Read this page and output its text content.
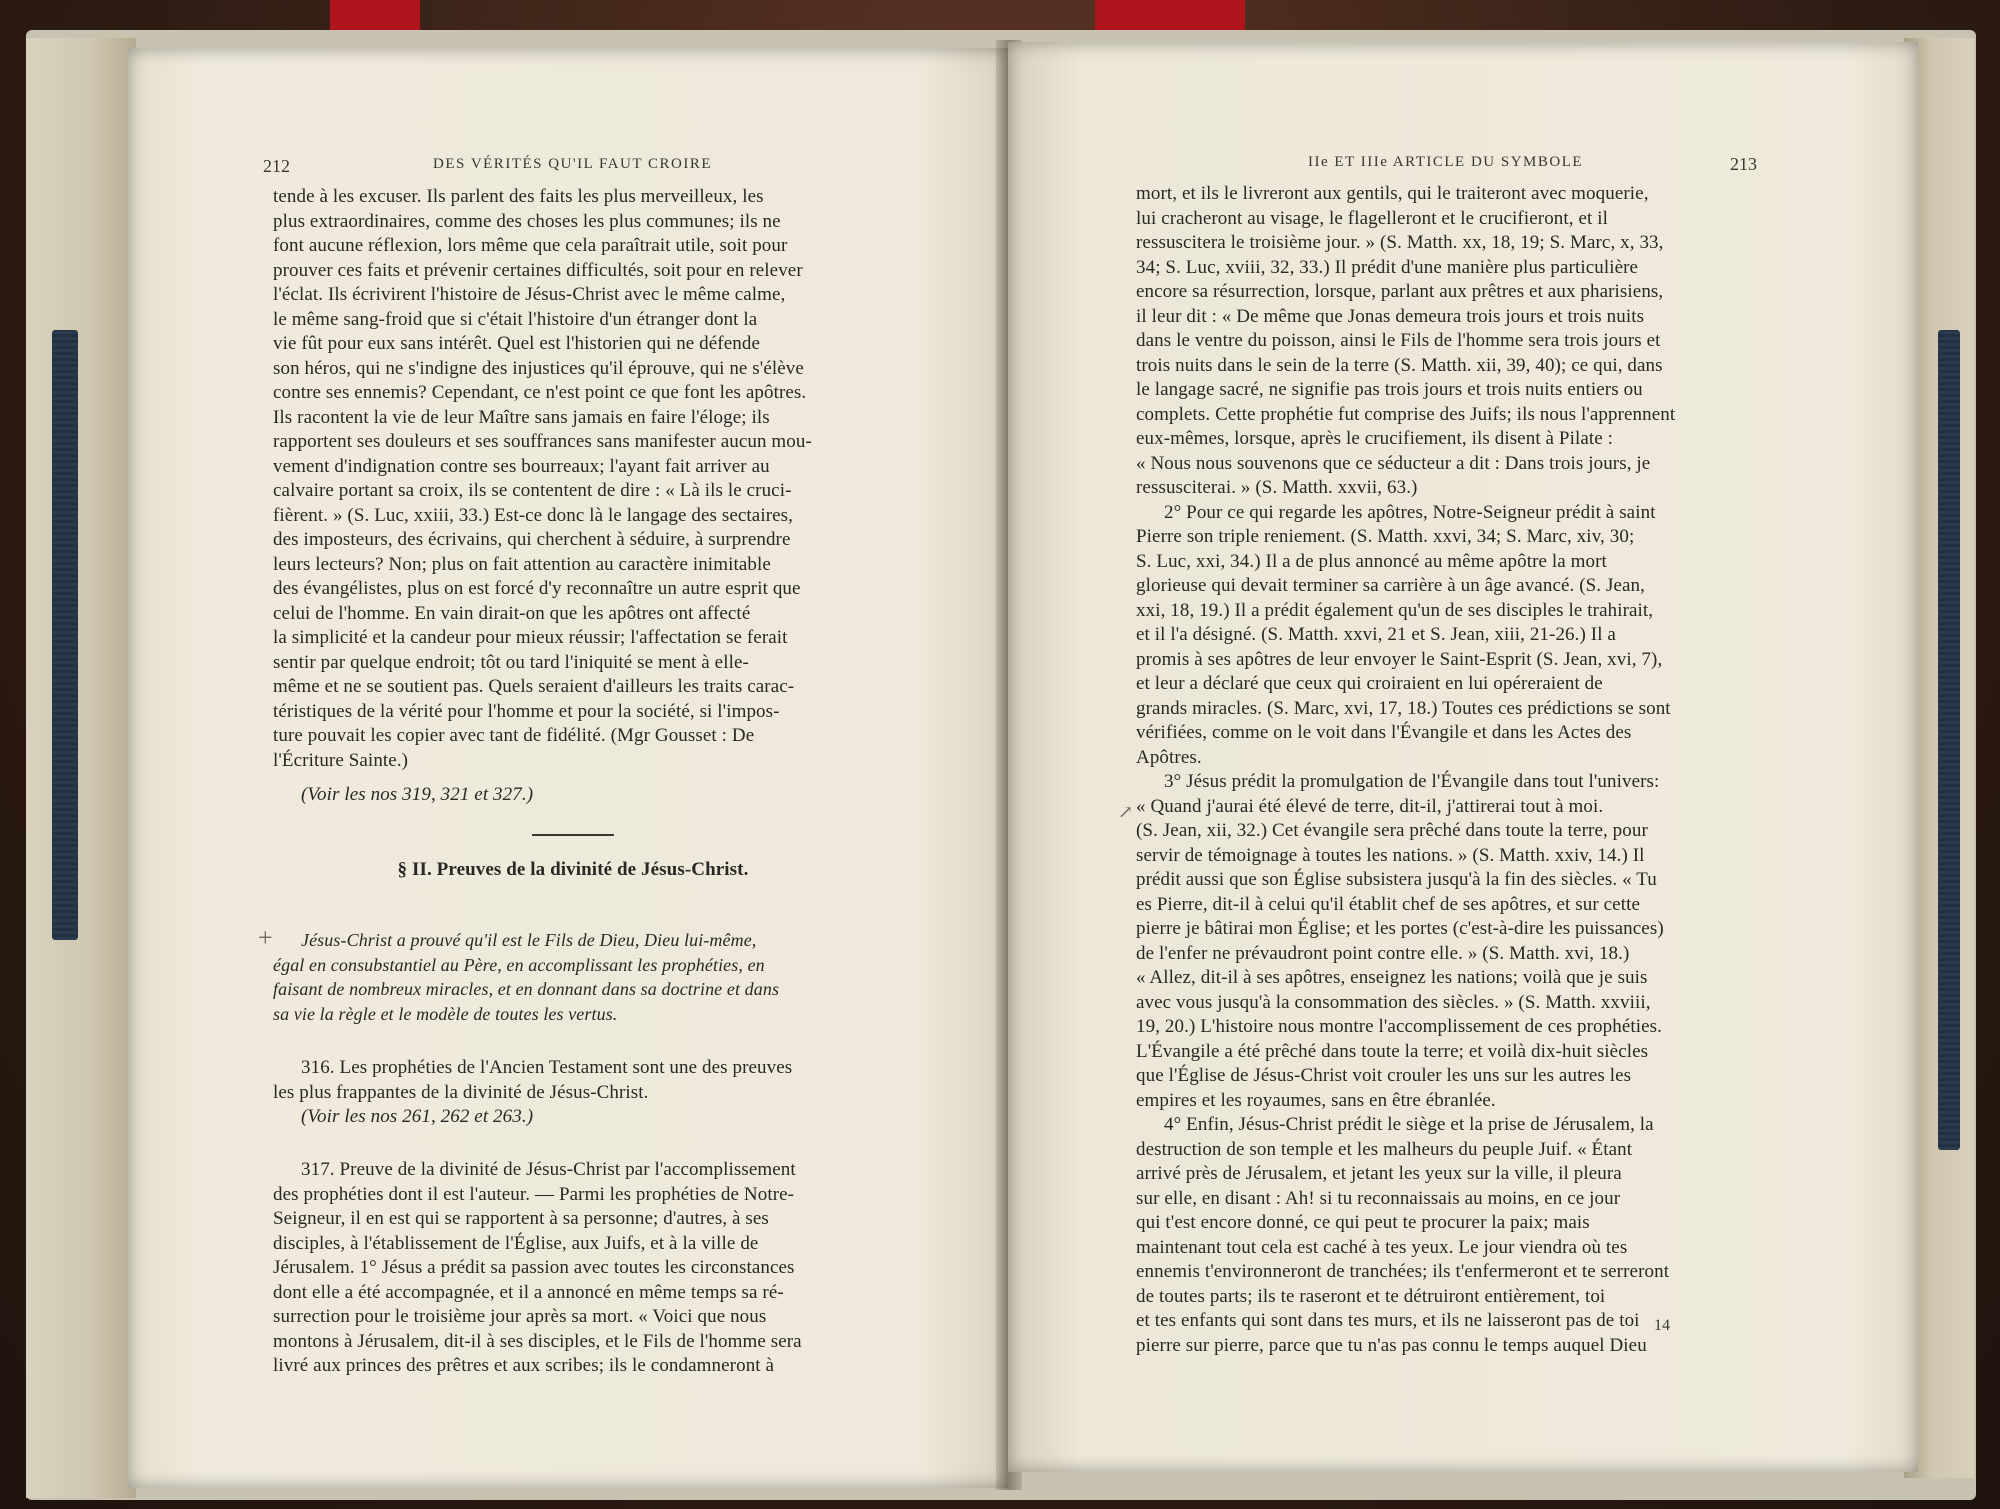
212	DES VÉRITÉS QU'IL FAUT CROIRE
tende à les excuser. Ils parlent des faits les plus merveilleux, les
plus extraordinaires, comme des choses les plus communes; ils ne
font aucune réflexion, lors même que cela paraîtrait utile, soit pour
prouver ces faits et prévenir certaines difficultés, soit pour en relever
l'éclat. Ils écrivirent l'histoire de Jésus-Christ avec le même calme,
le même sang-froid que si c'était l'histoire d'un étranger dont la
vie fût pour eux sans intérêt. Quel est l'historien qui ne défende
son héros, qui ne s'indigne des injustices qu'il éprouve, qui ne s'élève
contre ses ennemis? Cependant, ce n'est point ce que font les apôtres.
Ils racontent la vie de leur Maître sans jamais en faire l'éloge; ils
rapportent ses douleurs et ses souffrances sans manifester aucun mou-
vement d'indignation contre ses bourreaux; l'ayant fait arriver au
calvaire portant sa croix, ils se contentent de dire : « Là ils le cruci-
fièrent. » (S. Luc, xxiii, 33.) Est-ce donc là le langage des sectaires,
des imposteurs, des écrivains, qui cherchent à séduire, à surprendre
leurs lecteurs? Non; plus on fait attention au caractère inimitable
des évangélistes, plus on est forcé d'y reconnaître un autre esprit que
celui de l'homme. En vain dirait-on que les apôtres ont affecté
la simplicité et la candeur pour mieux réussir; l'affectation se ferait
sentir par quelque endroit; tôt ou tard l'iniquité se ment à elle-
même et ne se soutient pas. Quels seraient d'ailleurs les traits carac-
téristiques de la vérité pour l'homme et pour la société, si l'impos-
ture pouvait les copier avec tant de fidélité. (Mgr Gousset : De
l'Écriture Sainte.)
(Voir les nos 319, 321 et 327.)
§ II. Preuves de la divinité de Jésus-Christ.
+	Jésus-Christ a prouvé qu'il est le Fils de Dieu, Dieu lui-même,
égal en consubstantiel au Père, en accomplissant les prophéties, en
faisant de nombreux miracles, et en donnant dans sa doctrine et dans
sa vie la règle et le modèle de toutes les vertus.
316. Les prophéties de l'Ancien Testament sont une des preuves
les plus frappantes de la divinité de Jésus-Christ.
(Voir les nos 261, 262 et 263.)
317. Preuve de la divinité de Jésus-Christ par l'accomplissement
des prophéties dont il est l'auteur. — Parmi les prophéties de Notre-
Seigneur, il en est qui se rapportent à sa personne; d'autres, à ses
disciples, à l'établissement de l'Église, aux Juifs, et à la ville de
Jérusalem. 1° Jésus a prédit sa passion avec toutes les circonstances
dont elle a été accompagnée, et il a annoncé en même temps sa ré-
surrection pour le troisième jour après sa mort. « Voici que nous
montons à Jérusalem, dit-il à ses disciples, et le Fils de l'homme sera
livré aux princes des prêtres et aux scribes; ils le condamneront à
IIe ET IIIe ARTICLE DU SYMBOLE	213
mort, et ils le livreront aux gentils, qui le traiteront avec moquerie,
lui cracheront au visage, le flagelleront et le crucifieront, et il
ressuscitera le troisième jour. » (S. Matth. xx, 18, 19; S. Marc, x, 33,
34; S. Luc, xviii, 32, 33.) Il prédit d'une manière plus particulière
encore sa résurrection, lorsque, parlant aux prêtres et aux pharisiens,
il leur dit : « De même que Jonas demeura trois jours et trois nuits
dans le ventre du poisson, ainsi le Fils de l'homme sera trois jours et
trois nuits dans le sein de la terre (S. Matth. xii, 39, 40); ce qui, dans
le langage sacré, ne signifie pas trois jours et trois nuits entiers ou
complets. Cette prophétie fut comprise des Juifs; ils nous l'apprennent
eux-mêmes, lorsque, après le crucifiement, ils disent à Pilate :
« Nous nous souvenons que ce séducteur a dit : Dans trois jours, je
ressusciterai. » (S. Matth. xxvii, 63.)
2° Pour ce qui regarde les apôtres, Notre-Seigneur prédit à saint
Pierre son triple reniement. (S. Matth. xxvi, 34; S. Marc, xiv, 30;
S. Luc, xxi, 34.) Il a de plus annoncé au même apôtre la mort
glorieuse qui devait terminer sa carrière à un âge avancé. (S. Jean,
xxi, 18, 19.) Il a prédit également qu'un de ses disciples le trahirait,
et il l'a désigné. (S. Matth. xxvi, 21 et S. Jean, xiii, 21-26.) Il a
promis à ses apôtres de leur envoyer le Saint-Esprit (S. Jean, xvi, 7),
et leur a déclaré que ceux qui croiraient en lui opéreraient de
grands miracles. (S. Marc, xvi, 17, 18.) Toutes ces prédictions se sont
vérifiées, comme on le voit dans l'Évangile et dans les Actes des
Apôtres.
3° Jésus prédit la promulgation de l'Évangile dans tout l'univers:
« Quand j'aurai été élevé de terre, dit-il, j'attirerai tout à moi.
(S. Jean, xii, 32.) Cet évangile sera prêché dans toute la terre, pour
servir de témoignage à toutes les nations. » (S. Matth. xxiv, 14.) Il
prédit aussi que son Église subsistera jusqu'à la fin des siècles. « Tu
es Pierre, dit-il à celui qu'il établit chef de ses apôtres, et sur cette
pierre je bâtirai mon Église; et les portes (c'est-à-dire les puissances)
de l'enfer ne prévaudront point contre elle. » (S. Matth. xvi, 18.)
« Allez, dit-il à ses apôtres, enseignez les nations; voilà que je suis
avec vous jusqu'à la consommation des siècles. » (S. Matth. xxviii,
19, 20.) L'histoire nous montre l'accomplissement de ces prophéties.
L'Évangile a été prêché dans toute la terre; et voilà dix-huit siècles
que l'Église de Jésus-Christ voit crouler les uns sur les autres les
empires et les royaumes, sans en être ébranlée.
4° Enfin, Jésus-Christ prédit le siège et la prise de Jérusalem, la
destruction de son temple et les malheurs du peuple Juif. « Étant
arrivé près de Jérusalem, et jetant les yeux sur la ville, il pleura
sur elle, en disant : Ah! si tu reconnaissais au moins, en ce jour
qui t'est encore donné, ce qui peut te procurer la paix; mais
maintenant tout cela est caché à tes yeux. Le jour viendra où tes
ennemis t'environneront de tranchées; ils t'enfermeront et te serreront
de toutes parts; ils te raseront et te détruiront entièrement, toi
et tes enfants qui sont dans tes murs, et ils ne laisseront pas de toi
pierre sur pierre, parce que tu n'as pas connu le temps auquel Dieu
↗
14
